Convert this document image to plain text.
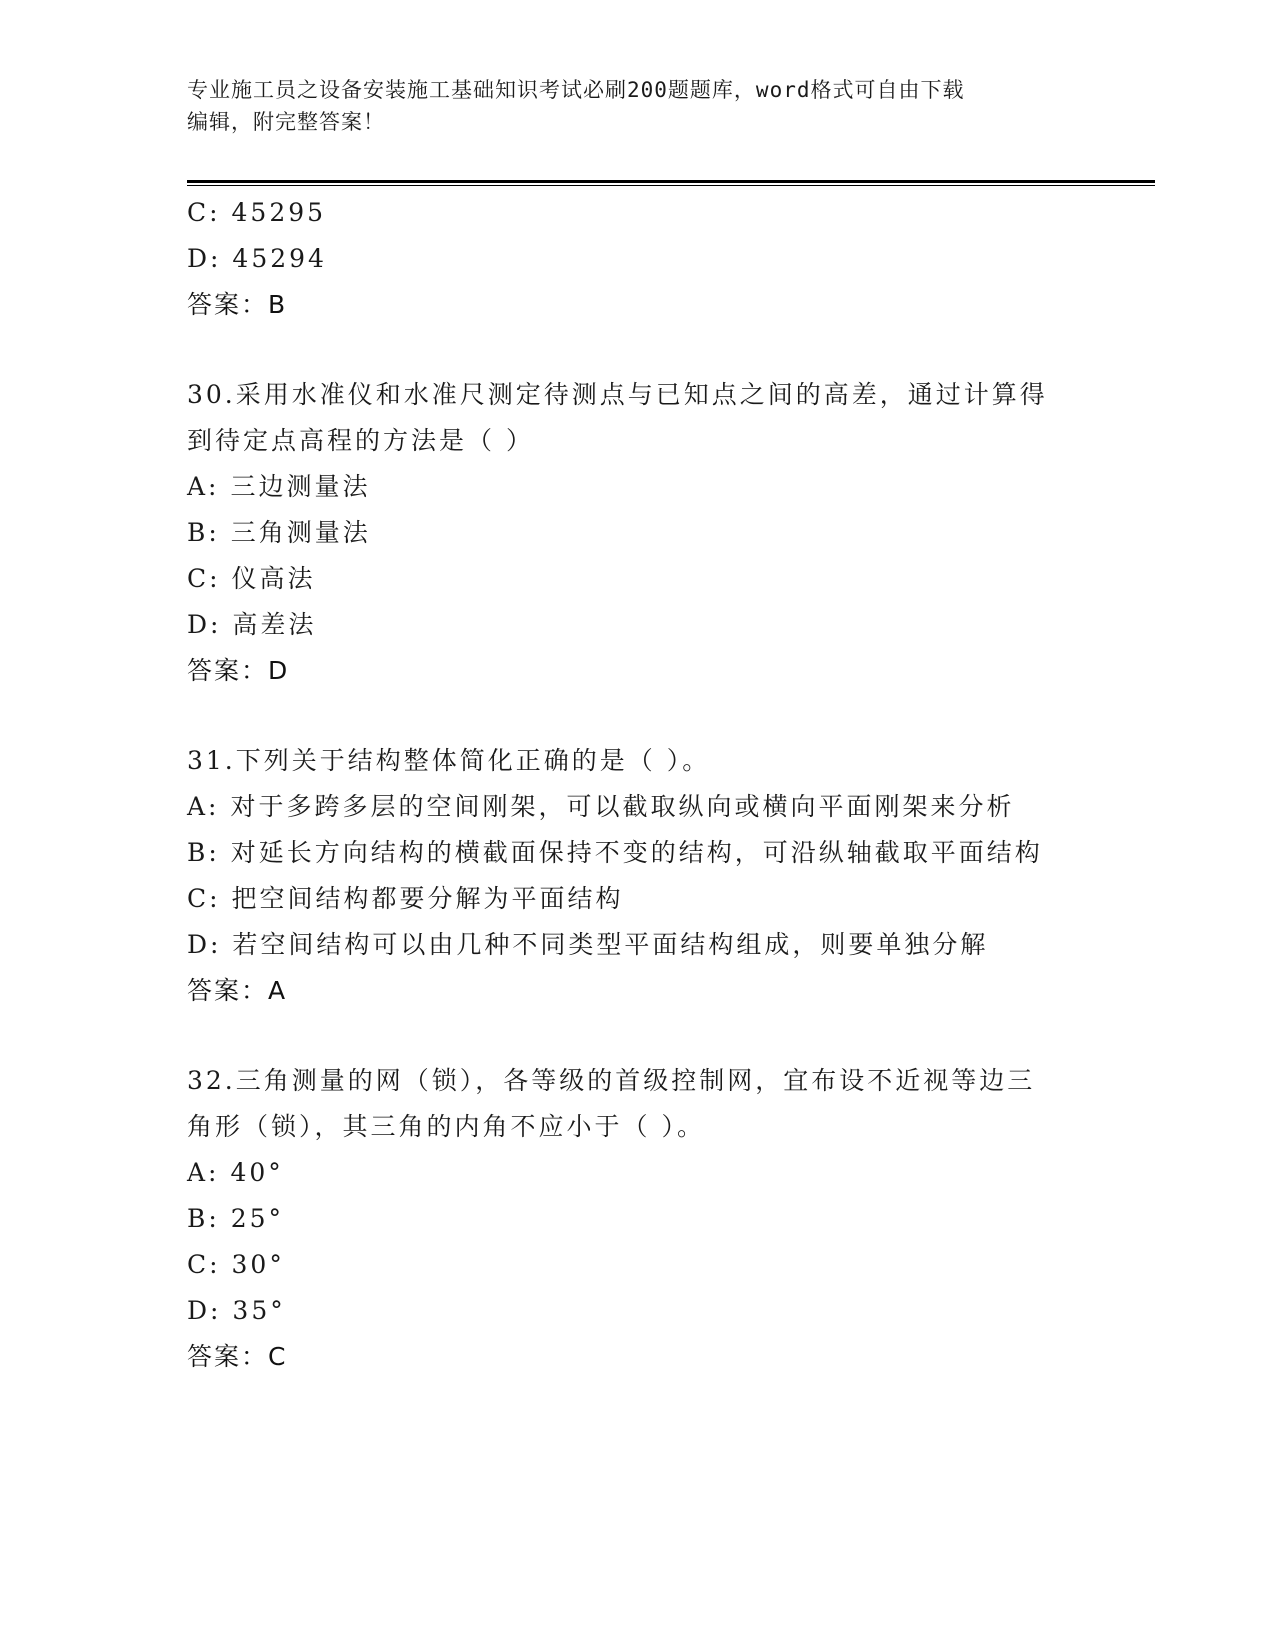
专业施工员之设备安装施工基础知识考试必刷200题题库，word格式可自由下载
编辑，附完整答案！
C: 45295
D: 45294
答案：B
30.采用水准仪和水准尺测定待测点与已知点之间的高差，通过计算得
到待定点高程的方法是（ ）
A: 三边测量法
B: 三角测量法
C: 仪高法
D: 高差法
答案：D
31.下列关于结构整体简化正确的是（ ）。
A: 对于多跨多层的空间刚架，可以截取纵向或横向平面刚架来分析
B: 对延长方向结构的横截面保持不变的结构，可沿纵轴截取平面结构
C: 把空间结构都要分解为平面结构
D: 若空间结构可以由几种不同类型平面结构组成，则要单独分解
答案：A
32.三角测量的网（锁），各等级的首级控制网，宜布设不近视等边三
角形（锁），其三角的内角不应小于（ ）。
A: 40°
B: 25°
C: 30°
D: 35°
答案：C
